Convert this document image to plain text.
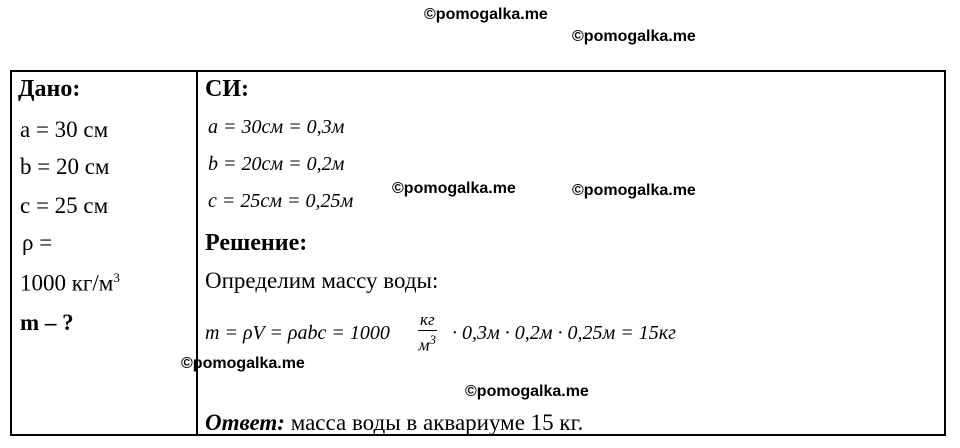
©pomogalka.me
©pomogalka.me
Дано:
a = 30 см
b = 20 см
c = 25 см
ρ =
1000 $кг/м^3$
m – ?
СИ:
a = 30см = 0,3м
b = 20см = 0,2м
c = 25см = 0,25м
©pomogalka.me	©pomogalka.me
Решение:
Определим массу воды:
m = ρV = ρabc = 1000
кг
$м^3 \cdot 0,3м \cdot 0,2м \cdot 0,25м = 15кг$
©pomogalka.me
©pomogalka.me
Ответ: масса воды в аквариуме 15 кг.
